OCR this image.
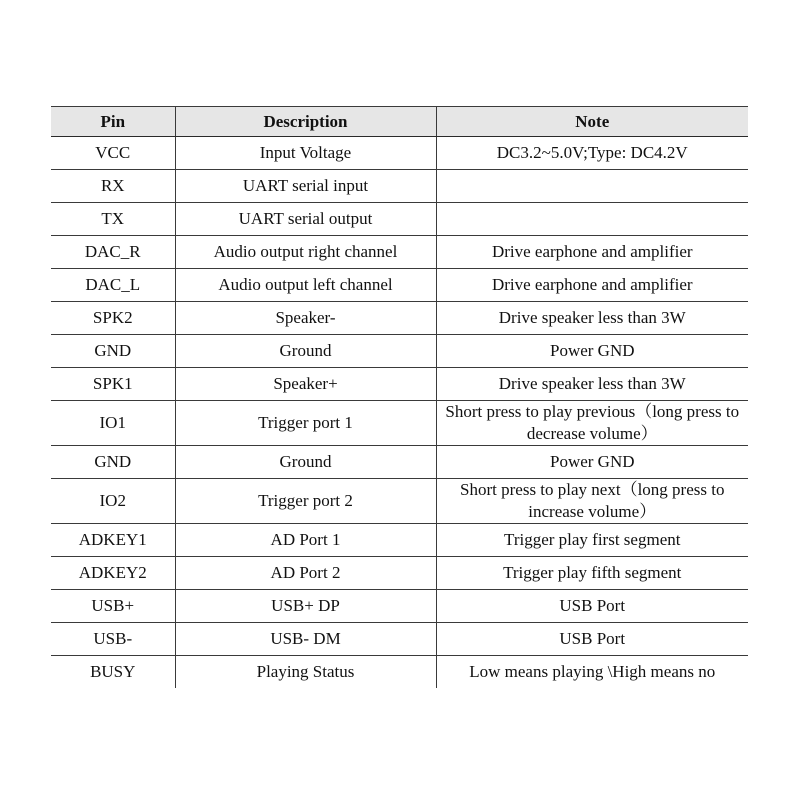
Pin	Description	Note
VCC	Input Voltage	DC3.2~5.0V;Type: DC4.2V
RX	UART serial input	
TX	UART serial output	
DAC_R	Audio output right channel	Drive earphone and amplifier
DAC_L	Audio output left channel	Drive earphone and amplifier
SPK2	Speaker-	Drive speaker less than 3W
GND	Ground	Power GND
SPK1	Speaker+	Drive speaker less than 3W
IO1	Trigger port 1	Short press to play previous（long press to decrease volume）
GND	Ground	Power GND
IO2	Trigger port 2	Short press to play next（long press to increase volume）
ADKEY1	AD Port 1	Trigger play first segment
ADKEY2	AD Port 2	Trigger play fifth segment
USB+	USB+ DP	USB Port
USB-	USB- DM	USB Port
BUSY	Playing Status	Low means playing \High means no
